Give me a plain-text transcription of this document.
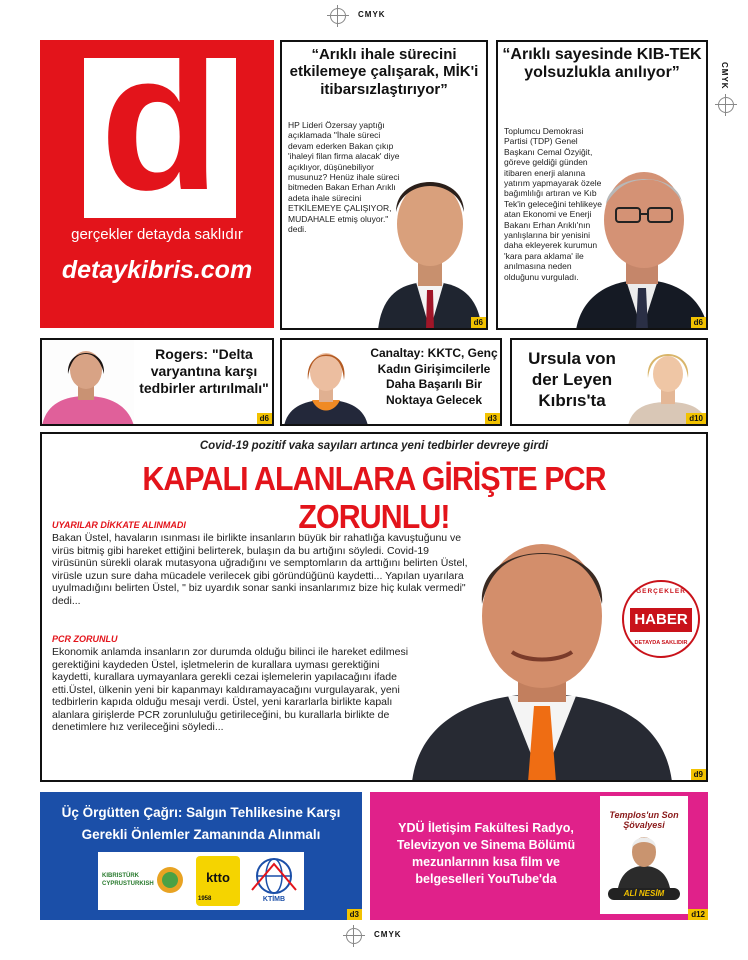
CMYK
CMYK
CMYK
d
gerçekler detayda saklıdır
detaykibris.com
9 Temmuz 2021 Cuma YIL: 8 SAYI:2200 5 TL (KDV DAHİL)
“Arıklı ihale sürecini etkilemeye çalışarak, MİK'i itibarsızlaştırıyor”
HP Lideri Özersay yaptığı açıklamada "İhale süreci devam ederken Bakan çıkıp 'ihaleyi filan firma alacak' diye açıklıyor, düşünebiliyor musunuz? Henüz ihale süreci bitmeden Bakan Erhan Arıklı adeta ihale sürecini ETKİLEMEYE ÇALIŞIYOR, MUDAHALE etmiş oluyor." dedi.
d6
“Arıklı sayesinde KIB-TEK yolsuzlukla anılıyor”
Toplumcu Demokrasi Partisi (TDP) Genel Başkanı Cemal Özyiğit, göreve geldiği günden itibaren enerji alanına yatırım yapmayarak özele bağımlılığı artıran ve Kıb Tek'in geleceğini tehlikeye atan Ekonomi ve Enerji Bakanı Erhan Arıklı'nın yanlışlarına bir yenisini daha ekleyerek kurumun 'kara para aklama' ile anılmasına neden olduğunu vurguladı.
d6
Rogers: "Delta varyantına karşı tedbirler artırılmalı"
d6
Canaltay: KKTC, Genç Kadın Girişimcilerle Daha Başarılı Bir Noktaya Gelecek
d3
Ursula von der Leyen Kıbrıs'ta
d10
Covid-19 pozitif vaka sayıları artınca yeni tedbirler devreye girdi
KAPALI ALANLARA GİRİŞTE PCR ZORUNLU!
UYARILAR DİKKATE ALINMADI
Bakan Üstel, havaların ısınması ile birlikte insanların büyük bir rahatlığa kavuştuğunu ve virüs bitmiş gibi hareket ettiğini belirterek, bulaşın da bu artığını söyledi. Covid-19 virüsünün sürekli olarak mutasyona uğradığını ve semptomların da arttığını belirten Üstel, virüsle uzun sure daha mücadele verilecek gibi göründüğünü kaydetti... Yapılan uyarılara uyulmadığını belirten Üstel, " biz uyardık sonar sanki insanlarımız bize hiç kulak vermedi" dedi...
PCR ZORUNLU
Ekonomik anlamda insanların zor durumda olduğu bilinci ile hareket edilmesi gerektiğini kaydeden Üstel, işletmelerin de kurallara uyması gerektiğini kaydetti, kurallara uymayanlara gerekli cezai işlemelerin yapılacağını ifade etti.Üstel, ülkenin yeni bir kapanmayı kaldıramayacağını vurgulayarak, yeni tedbirlerin kapıda olduğu mesajı verdi. Üstel, yeni kararlarla birlikte kapalı alanlara girişlerde PCR zorunluluğu getirileceğini, bu kurallarla birlikte de denetimlere hız verileceğini söyledi...
GERÇEKLER
HABER
DETAYDA SAKLIDIR
d9
Üç Örgütten Çağrı: Salgın Tehlikesine Karşı Gerekli Önlemler Zamanında Alınmalı
KIBRISTÜRK CYPRUSTURKISH	ktto
1958	KTİMB
d3
YDÜ İletişim Fakültesi Radyo, Televizyon ve Sinema Bölümü mezunlarının kısa film ve belgeselleri YouTube'da
Templos'un Son Şövalyesi
ALİ NESİM
d12
